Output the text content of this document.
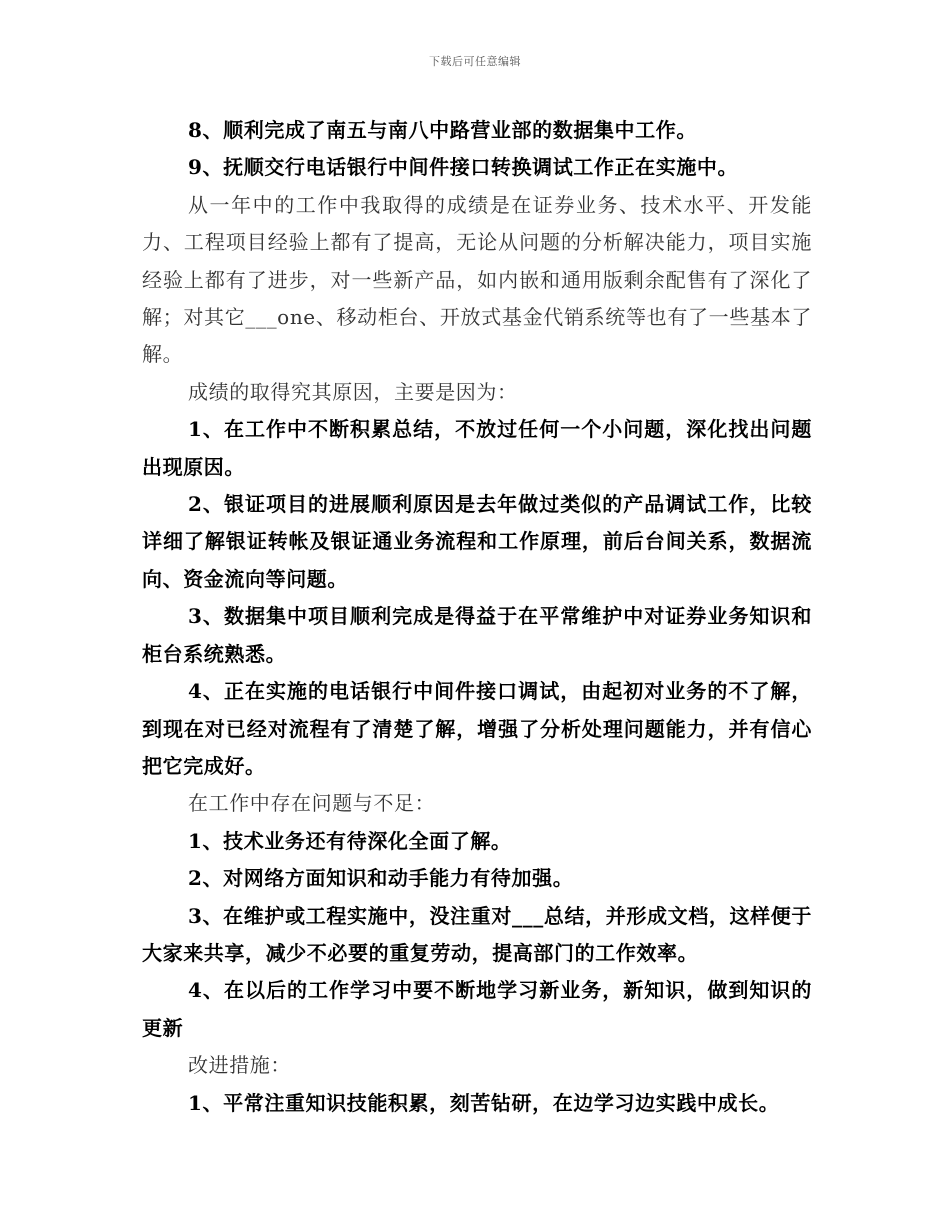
下载后可任意编辑

8、顺利完成了南五与南八中路营业部的数据集中工作。

9、抚顺交行电话银行中间件接口转换调试工作正在实施中。

从一年中的工作中我取得的成绩是在证券业务、技术水平、开发能力、工程项目经验上都有了提高，无论从问题的分析解决能力，项目实施经验上都有了进步，对一些新产品，如内嵌和通用版剩余配售有了深化了解；对其它___one、移动柜台、开放式基金代销系统等也有了一些基本了解。

成绩的取得究其原因，主要是因为：

1、在工作中不断积累总结，不放过任何一个小问题，深化找出问题出现原因。

2、银证项目的进展顺利原因是去年做过类似的产品调试工作，比较详细了解银证转帐及银证通业务流程和工作原理，前后台间关系，数据流向、资金流向等问题。

3、数据集中项目顺利完成是得益于在平常维护中对证券业务知识和柜台系统熟悉。

4、正在实施的电话银行中间件接口调试，由起初对业务的不了解，到现在对已经对流程有了清楚了解，增强了分析处理问题能力，并有信心把它完成好。

在工作中存在问题与不足：

1、技术业务还有待深化全面了解。

2、对网络方面知识和动手能力有待加强。

3、在维护或工程实施中，没注重对___总结，并形成文档，这样便于大家来共享，减少不必要的重复劳动，提高部门的工作效率。

4、在以后的工作学习中要不断地学习新业务，新知识，做到知识的更新

改进措施：

1、平常注重知识技能积累，刻苦钻研，在边学习边实践中成长。
